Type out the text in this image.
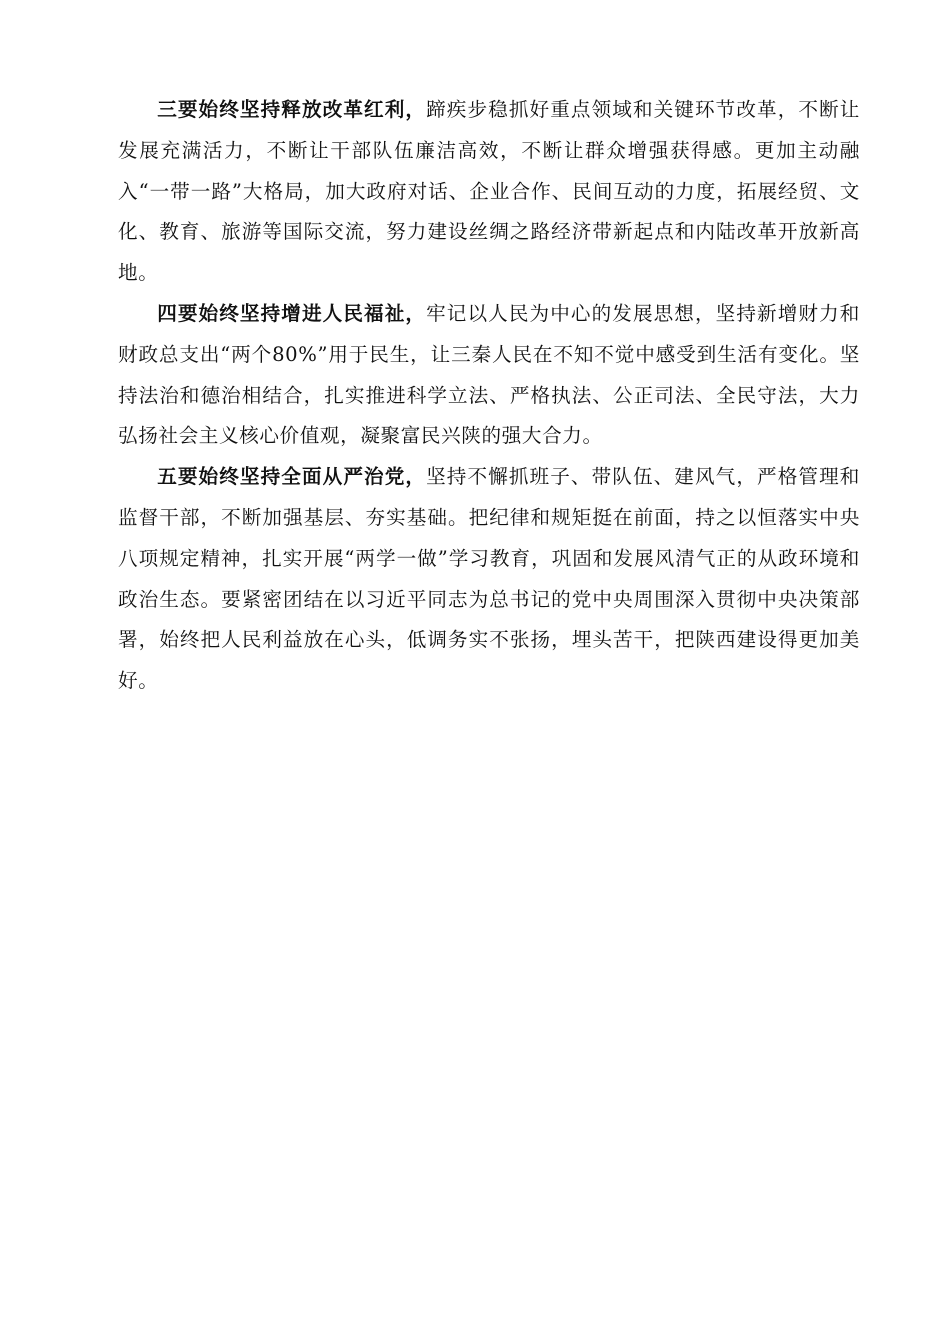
三要始终坚持释放改革红利，蹄疾步稳抓好重点领域和关键环节改革，不断让发展充满活力，不断让干部队伍廉洁高效，不断让群众增强获得感。更加主动融入“一带一路”大格局，加大政府对话、企业合作、民间互动的力度，拓展经贸、文化、教育、旅游等国际交流，努力建设丝绸之路经济带新起点和内陆改革开放新高地。

四要始终坚持增进人民福祉，牢记以人民为中心的发展思想，坚持新增财力和财政总支出“两个80%”用于民生，让三秦人民在不知不觉中感受到生活有变化。坚持法治和德治相结合，扎实推进科学立法、严格执法、公正司法、全民守法，大力弘扬社会主义核心价值观，凝聚富民兴陕的强大合力。

五要始终坚持全面从严治党，坚持不懈抓班子、带队伍、建风气，严格管理和监督干部，不断加强基层、夯实基础。把纪律和规矩挺在前面，持之以恒落实中央八项规定精神，扎实开展“两学一做”学习教育，巩固和发展风清气正的从政环境和政治生态。要紧密团结在以习近平同志为总书记的党中央周围深入贯彻中央决策部署，始终把人民利益放在心头，低调务实不张扬，埋头苦干，把陕西建设得更加美好。
